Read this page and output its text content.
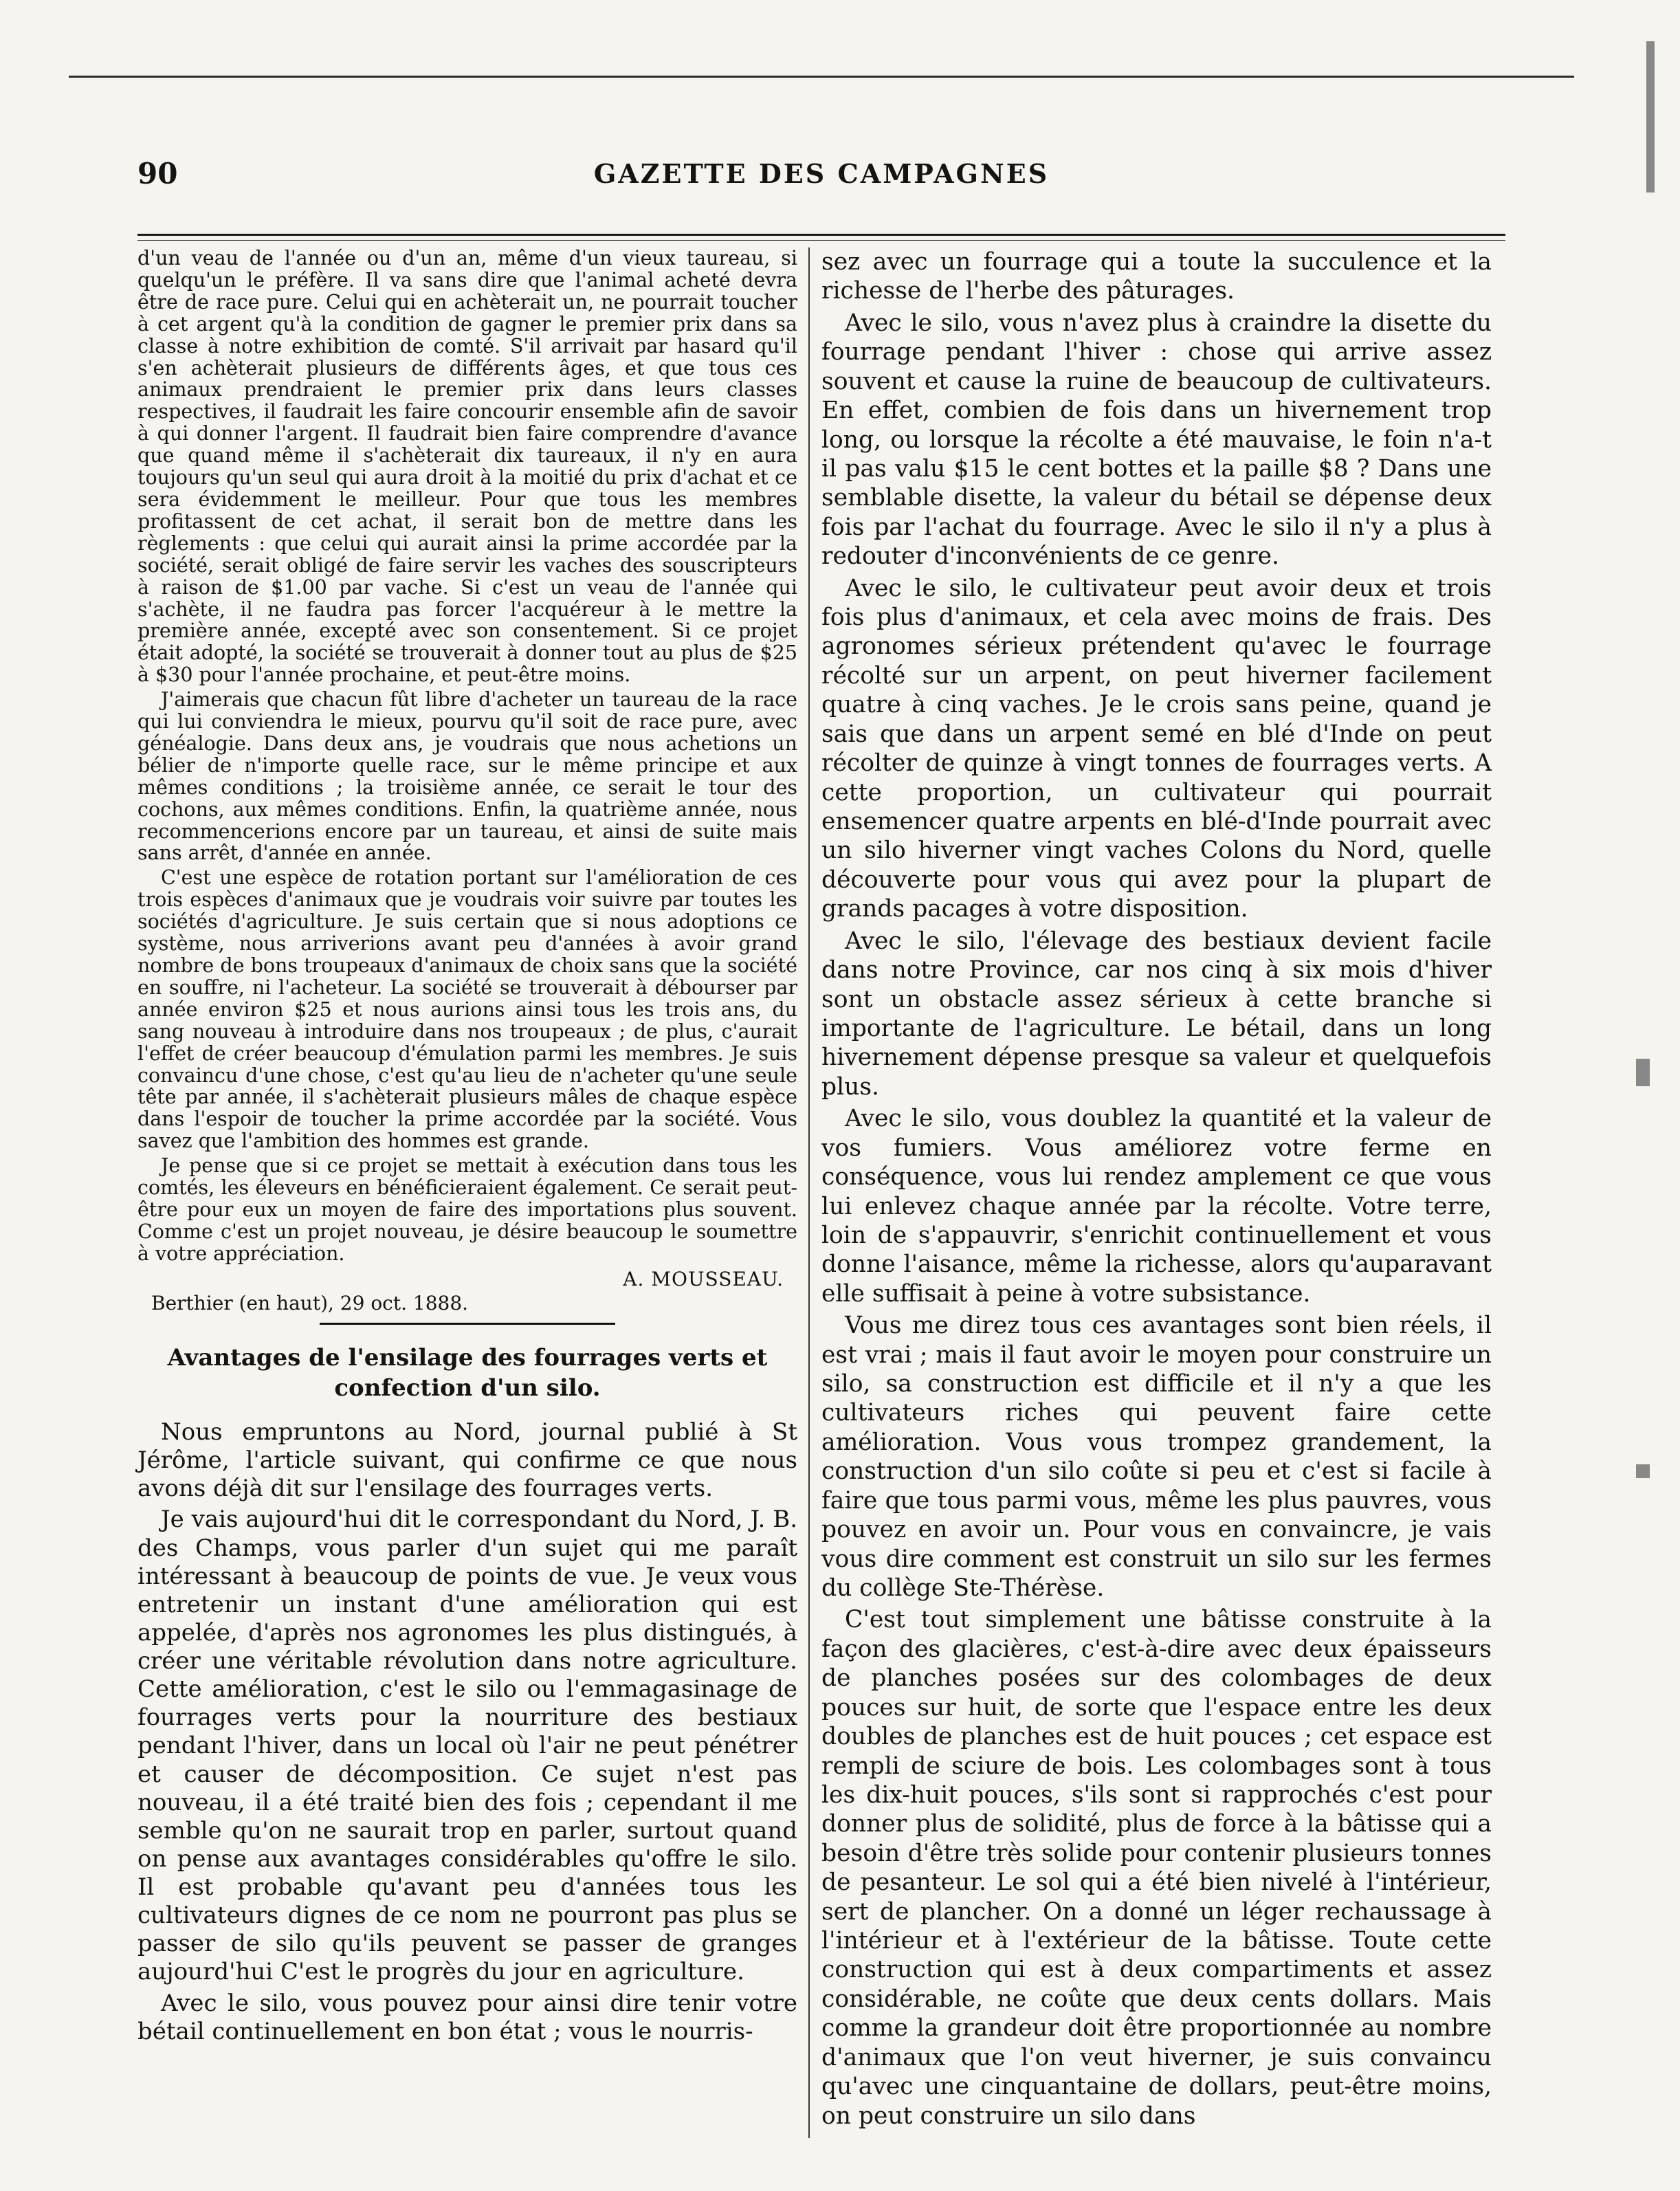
90	GAZETTE DES CAMPAGNES

d'un veau de l'année ou d'un an, même d'un vieux taureau, si quelqu'un le préfère. Il va sans dire que l'animal acheté devra être de race pure. Celui qui en achèterait un, ne pourrait toucher à cet argent qu'à la condition de gagner le premier prix dans sa classe à notre exhibition de comté. S'il arrivait par hasard qu'il s'en achèterait plusieurs de différents âges, et que tous ces animaux prendraient le premier prix dans leurs classes respectives, il faudrait les faire concourir ensemble afin de savoir à qui donner l'argent. Il faudrait bien faire comprendre d'avance que quand même il s'achèterait dix taureaux, il n'y en aura toujours qu'un seul qui aura droit à la moitié du prix d'achat et ce sera évidemment le meilleur. Pour que tous les membres profitassent de cet achat, il serait bon de mettre dans les règlements : que celui qui aurait ainsi la prime accordée par la société, serait obligé de faire servir les vaches des souscripteurs à raison de $1.00 par vache. Si c'est un veau de l'année qui s'achète, il ne faudra pas forcer l'acquéreur à le mettre la première année, excepté avec son consentement. Si ce projet était adopté, la société se trouverait à donner tout au plus de $25 à $30 pour l'année prochaine, et peut-être moins.

J'aimerais que chacun fût libre d'acheter un taureau de la race qui lui conviendra le mieux, pourvu qu'il soit de race pure, avec généalogie. Dans deux ans, je voudrais que nous achetions un bélier de n'importe quelle race, sur le même principe et aux mêmes conditions ; la troisième année, ce serait le tour des cochons, aux mêmes conditions. Enfin, la quatrième année, nous recommencerions encore par un taureau, et ainsi de suite mais sans arrêt, d'année en année.

C'est une espèce de rotation portant sur l'amélioration de ces trois espèces d'animaux que je voudrais voir suivre par toutes les sociétés d'agriculture. Je suis certain que si nous adoptions ce système, nous arriverions avant peu d'années à avoir grand nombre de bons troupeaux d'animaux de choix sans que la société en souffre, ni l'acheteur. La société se trouverait à débourser par année environ $25 et nous aurions ainsi tous les trois ans, du sang nouveau à introduire dans nos troupeaux ; de plus, c'aurait l'effet de créer beaucoup d'émulation parmi les membres. Je suis convaincu d'une chose, c'est qu'au lieu de n'acheter qu'une seule tête par année, il s'achèterait plusieurs mâles de chaque espèce dans l'espoir de toucher la prime accordée par la société. Vous savez que l'ambition des hommes est grande.

Je pense que si ce projet se mettait à exécution dans tous les comtés, les éleveurs en bénéficieraient également. Ce serait peut-être pour eux un moyen de faire des importations plus souvent. Comme c'est un projet nouveau, je désire beaucoup le soumettre à votre appréciation.

A. MOUSSEAU.
Berthier (en haut), 29 oct. 1888.
Avantages de l'ensilage des fourrages verts et confection d'un silo.

Nous empruntons au Nord, journal publié à St Jérôme, l'article suivant, qui confirme ce que nous avons déjà dit sur l'ensilage des fourrages verts.

Je vais aujourd'hui dit le correspondant du Nord, J. B. des Champs, vous parler d'un sujet qui me paraît intéressant à beaucoup de points de vue. Je veux vous entretenir un instant d'une amélioration qui est appelée, d'après nos agronomes les plus distingués, à créer une véritable révolution dans notre agriculture. Cette amélioration, c'est le silo ou l'emmagasinage de fourrages verts pour la nourriture des bestiaux pendant l'hiver, dans un local où l'air ne peut pénétrer et causer de décomposition. Ce sujet n'est pas nouveau, il a été traité bien des fois ; cependant il me semble qu'on ne saurait trop en parler, surtout quand on pense aux avantages considérables qu'offre le silo. Il est probable qu'avant peu d'années tous les cultivateurs dignes de ce nom ne pourront pas plus se passer de silo qu'ils peuvent se passer de granges aujourd'hui C'est le progrès du jour en agriculture.

Avec le silo, vous pouvez pour ainsi dire tenir votre bétail continuellement en bon état ; vous le nourris-

sez avec un fourrage qui a toute la succulence et la richesse de l'herbe des pâturages.

Avec le silo, vous n'avez plus à craindre la disette du fourrage pendant l'hiver : chose qui arrive assez souvent et cause la ruine de beaucoup de cultivateurs. En effet, combien de fois dans un hivernement trop long, ou lorsque la récolte a été mauvaise, le foin n'a-t il pas valu $15 le cent bottes et la paille $8 ? Dans une semblable disette, la valeur du bétail se dépense deux fois par l'achat du fourrage. Avec le silo il n'y a plus à redouter d'inconvénients de ce genre.

Avec le silo, le cultivateur peut avoir deux et trois fois plus d'animaux, et cela avec moins de frais. Des agronomes sérieux prétendent qu'avec le fourrage récolté sur un arpent, on peut hiverner facilement quatre à cinq vaches. Je le crois sans peine, quand je sais que dans un arpent semé en blé d'Inde on peut récolter de quinze à vingt tonnes de fourrages verts. A cette proportion, un cultivateur qui pourrait ensemencer quatre arpents en blé-d'Inde pourrait avec un silo hiverner vingt vaches Colons du Nord, quelle découverte pour vous qui avez pour la plupart de grands pacages à votre disposition.

Avec le silo, l'élevage des bestiaux devient facile dans notre Province, car nos cinq à six mois d'hiver sont un obstacle assez sérieux à cette branche si importante de l'agriculture. Le bétail, dans un long hivernement dépense presque sa valeur et quelquefois plus.

Avec le silo, vous doublez la quantité et la valeur de vos fumiers. Vous améliorez votre ferme en conséquence, vous lui rendez amplement ce que vous lui enlevez chaque année par la récolte. Votre terre, loin de s'appauvrir, s'enrichit continuellement et vous donne l'aisance, même la richesse, alors qu'auparavant elle suffisait à peine à votre subsistance.

Vous me direz tous ces avantages sont bien réels, il est vrai ; mais il faut avoir le moyen pour construire un silo, sa construction est difficile et il n'y a que les cultivateurs riches qui peuvent faire cette amélioration. Vous vous trompez grandement, la construction d'un silo coûte si peu et c'est si facile à faire que tous parmi vous, même les plus pauvres, vous pouvez en avoir un. Pour vous en convaincre, je vais vous dire comment est construit un silo sur les fermes du collège Ste-Thérèse.

C'est tout simplement une bâtisse construite à la façon des glacières, c'est-à-dire avec deux épaisseurs de planches posées sur des colombages de deux pouces sur huit, de sorte que l'espace entre les deux doubles de planches est de huit pouces ; cet espace est rempli de sciure de bois. Les colombages sont à tous les dix-huit pouces, s'ils sont si rapprochés c'est pour donner plus de solidité, plus de force à la bâtisse qui a besoin d'être très solide pour contenir plusieurs tonnes de pesanteur. Le sol qui a été bien nivelé à l'intérieur, sert de plancher. On a donné un léger rechaussage à l'intérieur et à l'extérieur de la bâtisse. Toute cette construction qui est à deux compartiments et assez considérable, ne coûte que deux cents dollars. Mais comme la grandeur doit être proportionnée au nombre d'animaux que l'on veut hiverner, je suis convaincu qu'avec une cinquantaine de dollars, peut-être moins, on peut construire un silo dans
